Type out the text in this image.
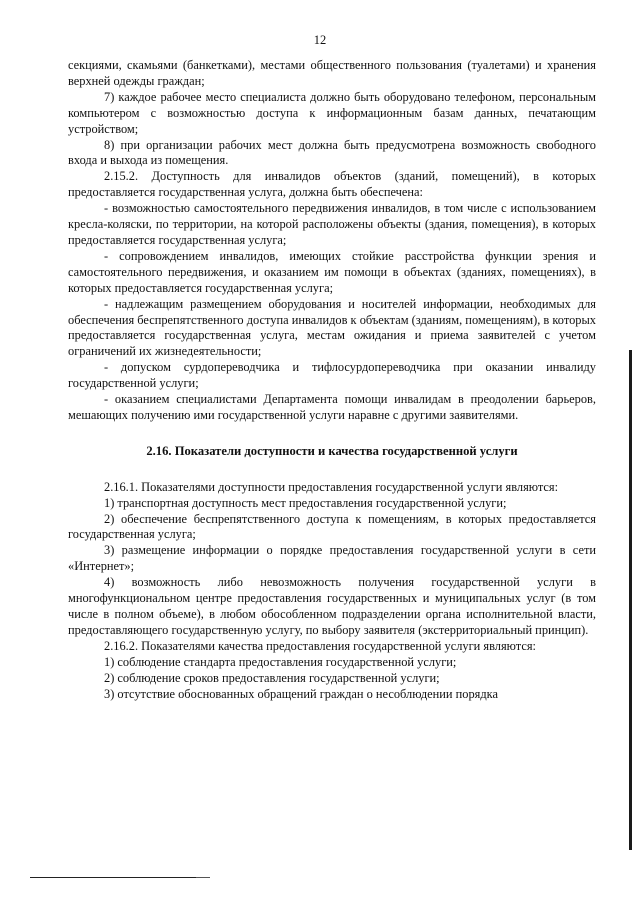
12

секциями, скамьями (банкетками), местами общественного пользования (туалетами) и хранения верхней одежды граждан;

7) каждое рабочее место специалиста должно быть оборудовано телефоном, персональным компьютером с возможностью доступа к информационным базам данных, печатающим устройством;

8) при организации рабочих мест должна быть предусмотрена возможность свободного входа и выхода из помещения.

2.15.2. Доступность для инвалидов объектов (зданий, помещений), в которых предоставляется государственная услуга, должна быть обеспечена:

- возможностью самостоятельного передвижения инвалидов, в том числе с использованием кресла-коляски, по территории, на которой расположены объекты (здания, помещения), в которых предоставляется государственная услуга;

- сопровождением инвалидов, имеющих стойкие расстройства функции зрения и самостоятельного передвижения, и оказанием им помощи в объектах (зданиях, помещениях), в которых предоставляется государственная услуга;

- надлежащим размещением оборудования и носителей информации, необходимых для обеспечения беспрепятственного доступа инвалидов к объектам (зданиям, помещениям), в которых предоставляется государственная услуга, местам ожидания и приема заявителей с учетом ограничений их жизнедеятельности;

- допуском сурдопереводчика и тифлосурдопереводчика при оказании инвалиду государственной услуги;

- оказанием специалистами Департамента помощи инвалидам в преодолении барьеров, мешающих получению ими государственной услуги наравне с другими заявителями.

2.16. Показатели доступности и качества государственной услуги

2.16.1. Показателями доступности предоставления государственной услуги являются:

1) транспортная доступность мест предоставления государственной услуги;

2) обеспечение беспрепятственного доступа к помещениям, в которых предоставляется государственная услуга;

3) размещение информации о порядке предоставления государственной услуги в сети «Интернет»;

4) возможность либо невозможность получения государственной услуги в многофункциональном центре предоставления государственных и муниципальных услуг (в том числе в полном объеме), в любом обособленном подразделении органа исполнительной власти, предоставляющего государственную услугу, по выбору заявителя (экстерриториальный принцип).

2.16.2. Показателями качества предоставления государственной услуги являются:

1) соблюдение стандарта предоставления государственной услуги;

2) соблюдение сроков предоставления государственной услуги;

3) отсутствие обоснованных обращений граждан о несоблюдении порядка
